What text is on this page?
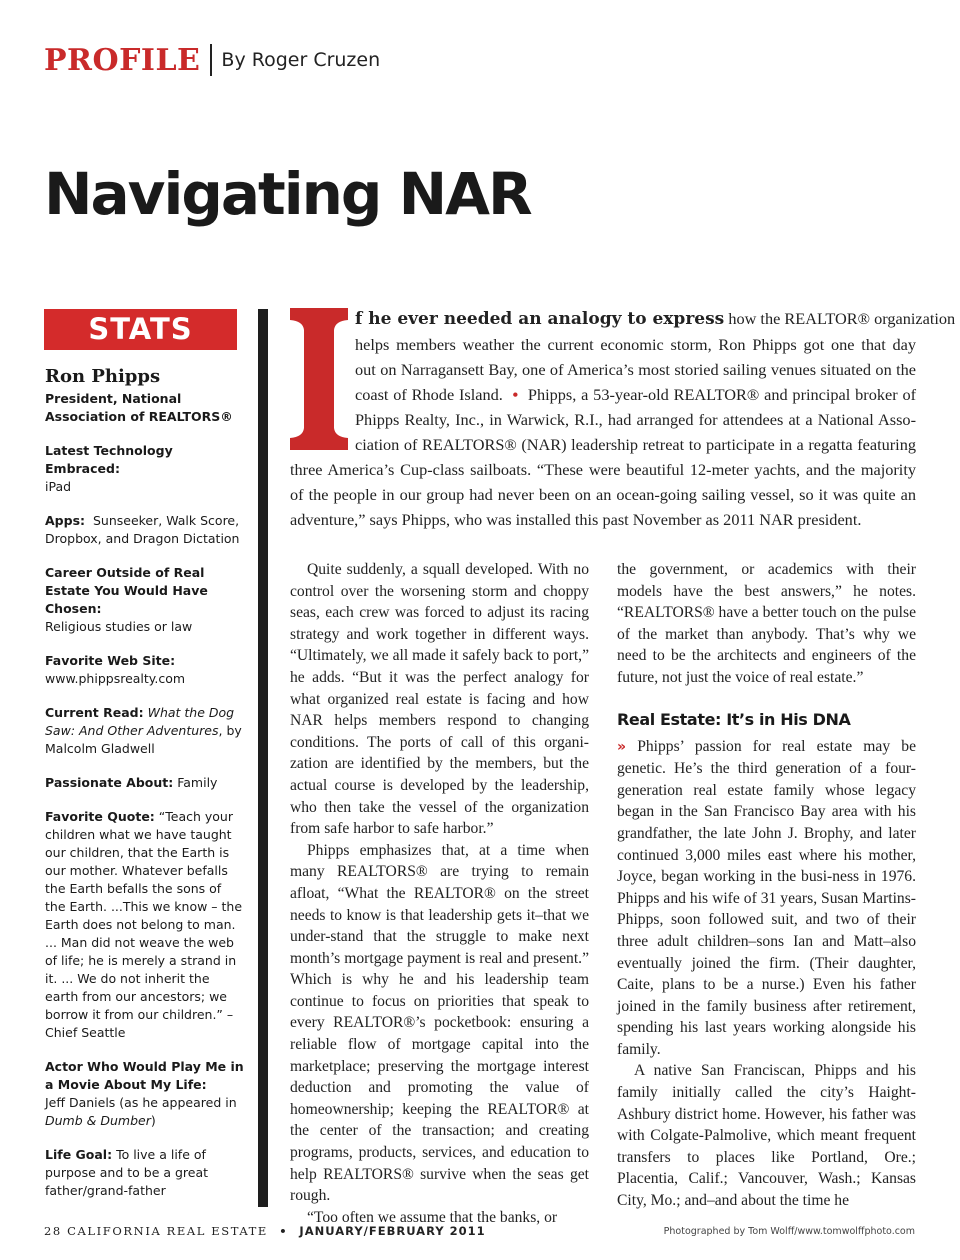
PROFILE By Roger Cruzen
Navigating NAR
STATS

Ron Phipps

President, National Association of REALTORS®

Latest Technology Embraced:
iPad

Apps: Sunseeker, Walk Score, Dropbox, and Dragon Dictation

Career Outside of Real Estate You Would Have Chosen:
Religious studies or law

Favorite Web Site:
www.phippsrealty.com

Current Read: What the Dog Saw: And Other Adventures, by Malcolm Gladwell

Passionate About: Family

Favorite Quote: “Teach your children what we have taught our children, that the Earth is our mother. Whatever befalls the Earth befalls the sons of the Earth. ...This we know – the Earth does not belong to man. ... Man did not weave the web of life; he is merely a strand in it. ... We do not inherit the earth from our ancestors; we borrow it from our children.” – Chief Seattle

Actor Who Would Play Me in a Movie About My Life:
Jeff Daniels (as he appeared in Dumb & Dumber)

Life Goal: To live a life of purpose and to be a great father/grand-father

f he ever needed an analogy to express how the REALTOR® organization

helps members weather the current economic storm, Ron Phipps got one that day

out on Narragansett Bay, one of America’s most storied sailing venues situated on the

coast of Rhode Island. • Phipps, a 53-year-old REALTOR® and principal broker of

Phipps Realty, Inc., in Warwick, R.I., had arranged for attendees at a National Asso-

ciation of REALTORS® (NAR) leadership retreat to participate in a regatta featuring

three America’s Cup-class sailboats. “These were beautiful 12-meter yachts, and the majority

of the people in our group had never been on an ocean-going sailing vessel, so it was quite an

adventure,” says Phipps, who was installed this past November as 2011 NAR president.

Quite suddenly, a squall developed. With no control over the worsening storm and choppy seas, each crew was forced to adjust its racing strategy and work together in different ways. “Ultimately, we all made it safely back to port,” he adds. “But it was the perfect analogy for what organized real estate is facing and how NAR helps members respond to changing conditions. The ports of call of this organi-zation are identified by the members, but the actual course is developed by the leadership, who then take the vessel of the organization from safe harbor to safe harbor.”

Phipps emphasizes that, at a time when many REALTORS® are trying to remain afloat, “What the REALTOR® on the street needs to know is that leadership gets it–that we under-stand that the struggle to make next month’s mortgage payment is real and present.” Which is why he and his leadership team continue to focus on priorities that speak to every REALTOR®’s pocketbook: ensuring a reliable flow of mortgage capital into the marketplace; preserving the mortgage interest deduction and promoting the value of homeownership; keeping the REALTOR® at the center of the transaction; and creating programs, products, services, and education to help REALTORS® survive when the seas get rough.

“Too often we assume that the banks, or

the government, or academics with their models have the best answers,” he notes. “REALTORS® have a better touch on the pulse of the market than anybody. That’s why we need to be the architects and engineers of the future, not just the voice of real estate.”

Real Estate: It’s in His DNA

» Phipps’ passion for real estate may be genetic. He’s the third generation of a four-generation real estate family whose legacy began in the San Francisco Bay area with his grandfather, the late John J. Brophy, and later continued 3,000 miles east where his mother, Joyce, began working in the busi-ness in 1976. Phipps and his wife of 31 years, Susan Martins-Phipps, soon followed suit, and two of their three adult children–sons Ian and Matt–also eventually joined the firm. (Their daughter, Caite, plans to be a nurse.) Even his father joined in the family business after retirement, spending his last years working alongside his family.

A native San Franciscan, Phipps and his family initially called the city’s Haight-Ashbury district home. However, his father was with Colgate-Palmolive, which meant frequent transfers to places like Portland, Ore.; Placentia, Calif.; Vancouver, Wash.; Kansas City, Mo.; and–and about the time he

28 CALIFORNIA REAL ESTATE • JANUARY/FEBRUARY 2011	Photographed by Tom Wolff/www.tomwolffphoto.com
